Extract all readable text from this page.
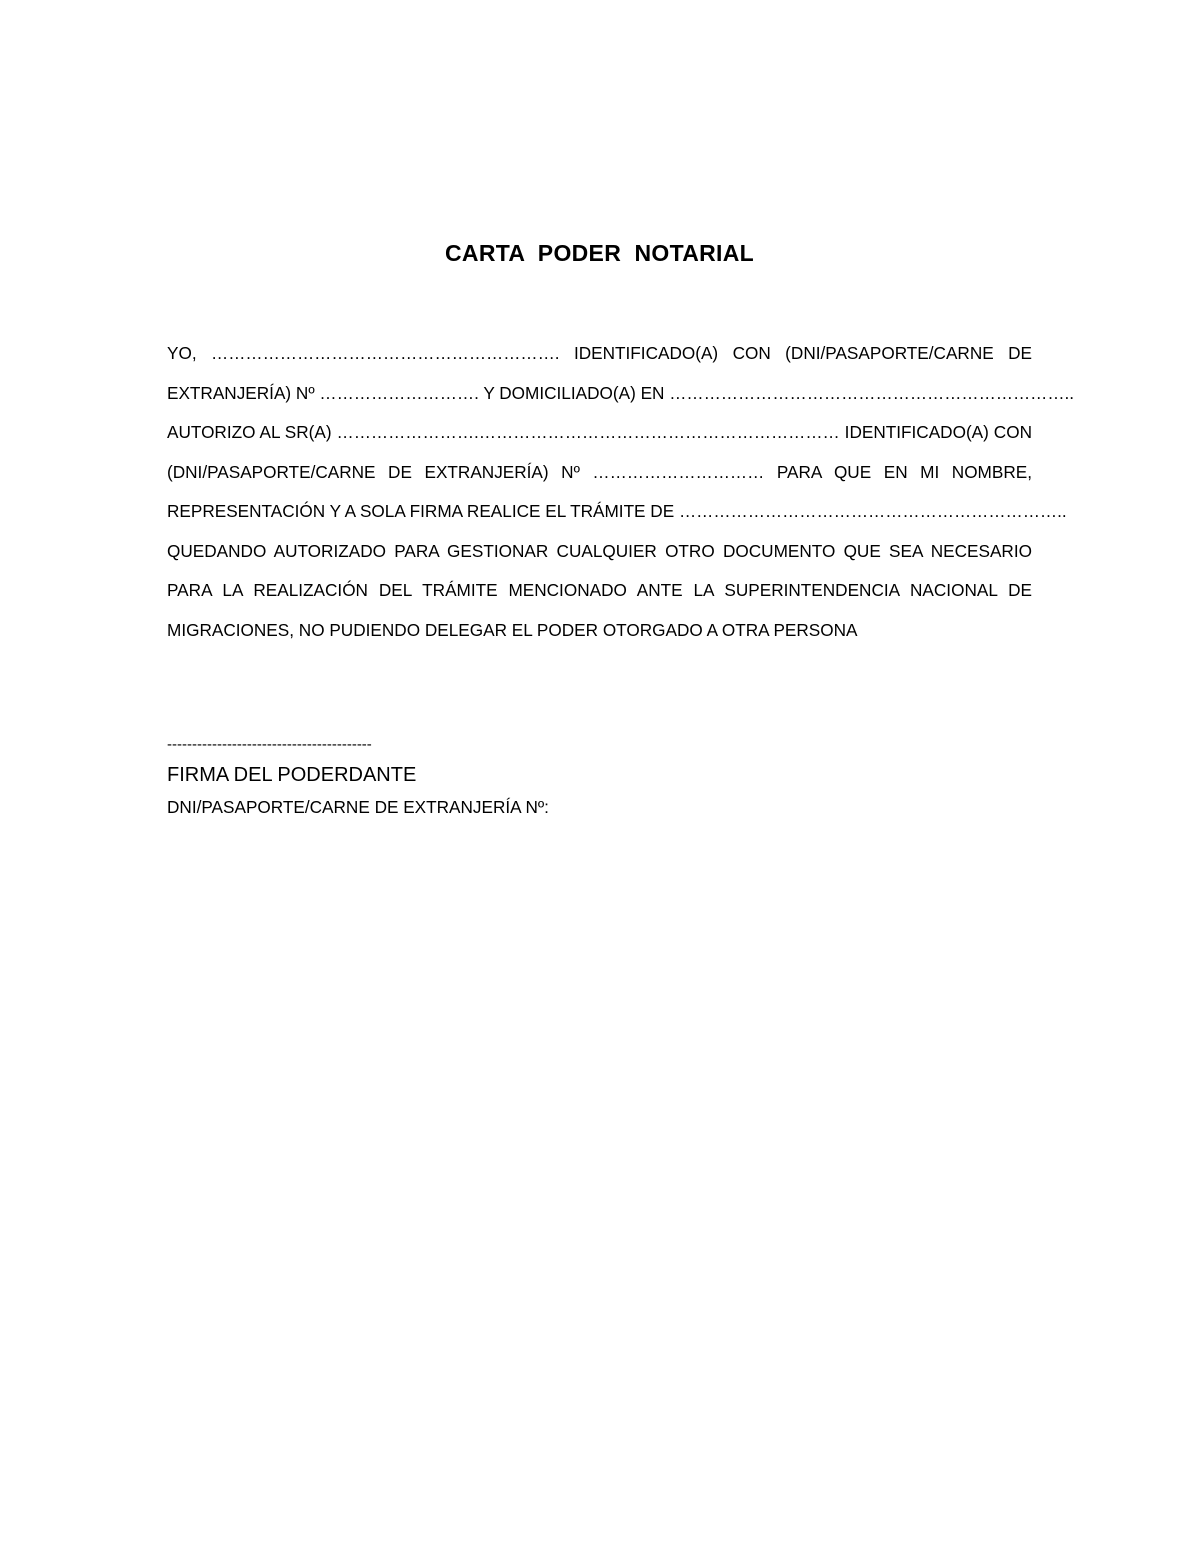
CARTA  PODER  NOTARIAL
YO, ……………………………………………………. IDENTIFICADO(A) CON (DNI/PASAPORTE/CARNE DE
EXTRANJERÍA) Nº ………………………. Y DOMICILIADO(A) EN ……………………………………………………………..
AUTORIZO AL SR(A) …………………….……………………………………………………… IDENTIFICADO(A) CON
(DNI/PASAPORTE/CARNE DE EXTRANJERÍA) Nº ………………………… PARA QUE EN MI NOMBRE,
REPRESENTACIÓN Y A SOLA FIRMA REALICE EL TRÁMITE DE …………………………………………………………..
QUEDANDO AUTORIZADO PARA GESTIONAR CUALQUIER OTRO DOCUMENTO QUE SEA NECESARIO
PARA LA REALIZACIÓN DEL TRÁMITE MENCIONADO ANTE LA SUPERINTENDENCIA NACIONAL DE
MIGRACIONES, NO PUDIENDO DELEGAR EL PODER OTORGADO A OTRA PERSONA
-----------------------------------------
FIRMA DEL PODERDANTE
DNI/PASAPORTE/CARNE DE EXTRANJERÍA Nº:
